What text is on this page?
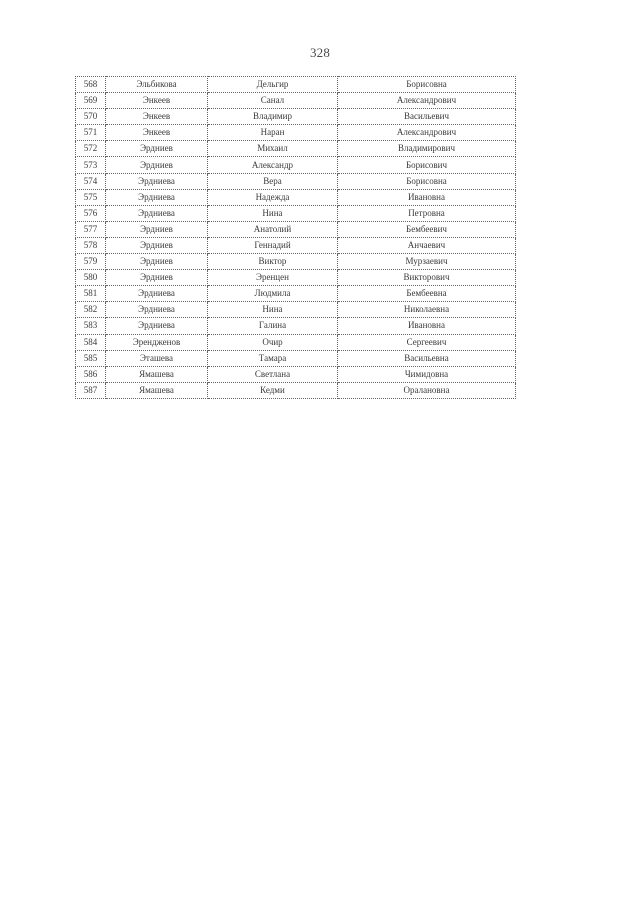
328
568	Эльбикова	Дельгир	Борисовна
569	Энкеев	Санал	Александрович
570	Энкеев	Владимир	Васильевич
571	Энкеев	Наран	Александрович
572	Эрдниев	Михаил	Владимирович
573	Эрдниев	Александр	Борисович
574	Эрдниева	Вера	Борисовна
575	Эрдниева	Надежда	Ивановна
576	Эрдниева	Нина	Петровна
577	Эрдниев	Анатолий	Бембеевич
578	Эрдниев	Геннадий	Анчаевич
579	Эрдниев	Виктор	Мурзаевич
580	Эрдниев	Эренцен	Викторович
581	Эрдниева	Людмила	Бембеевна
582	Эрдниева	Нина	Николаевна
583	Эрдниева	Галина	Ивановна
584	Эрендженов	Очир	Сергеевич
585	Эташева	Тамара	Васильевна
586	Ямашева	Светлана	Чимидовна
587	Ямашева	Кедми	Оралановна
